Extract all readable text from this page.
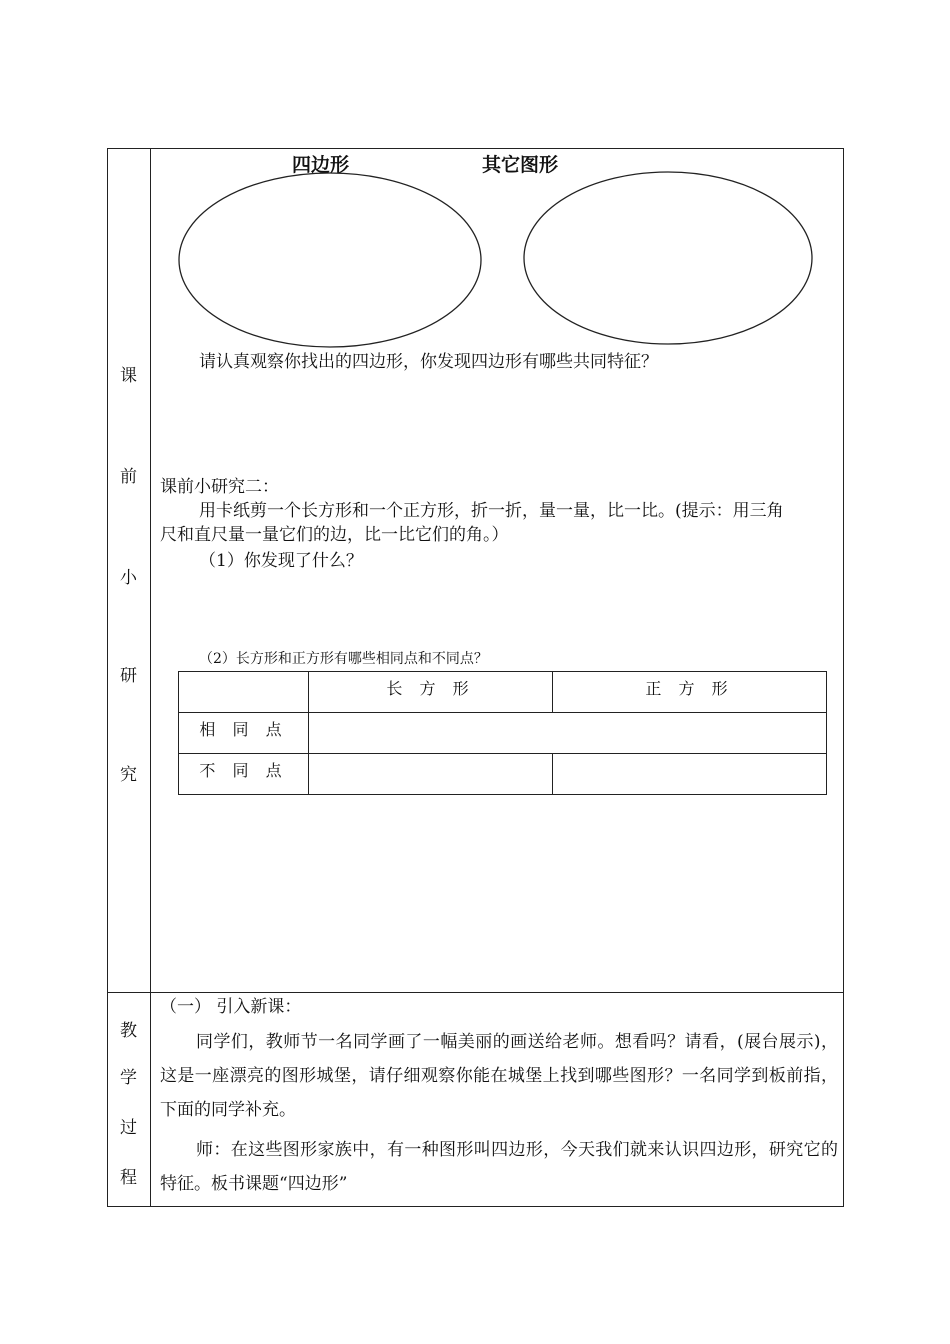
课
前
小
研
究
教
学
过
程
四边形	其它图形
请认真观察你找出的四边形，你发现四边形有哪些共同特征？
课前小研究二：
用卡纸剪一个长方形和一个正方形，折一折，量一量，比一比。(提示：用三角
尺和直尺量一量它们的边，比一比它们的角。）
（1）你发现了什么？
（2）长方形和正方形有哪些相同点和不同点？
	长 方 形	正 方 形
相 同 点		
不 同 点		
（一） 引入新课：
同学们，教师节一名同学画了一幅美丽的画送给老师。想看吗？请看，(展台展示)，这是一座漂亮的图形城堡，请仔细观察你能在城堡上找到哪些图形？一名同学到板前指，下面的同学补充。
师：在这些图形家族中，有一种图形叫四边形，今天我们就来认识四边形，研究它的特征。板书课题“四边形”
